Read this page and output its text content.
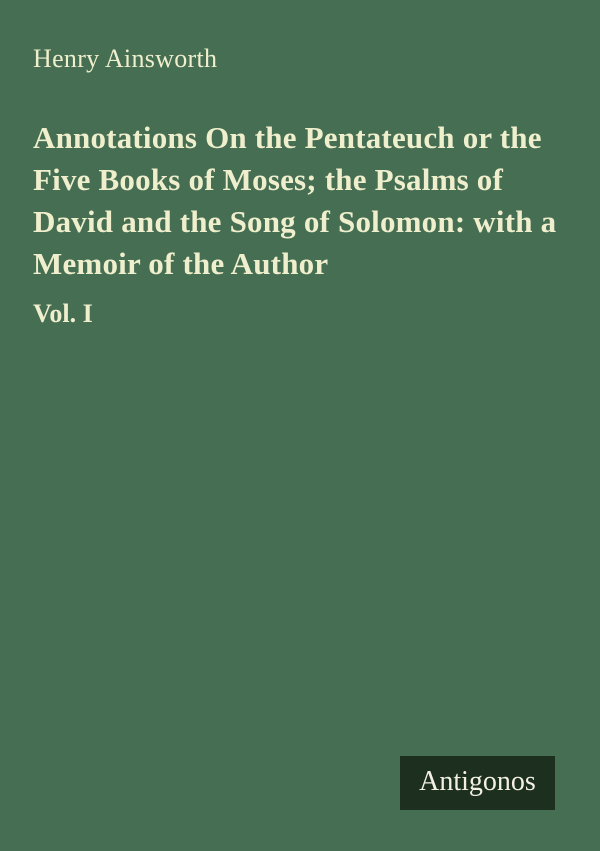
Henry Ainsworth
Annotations On the Pentateuch or the
Five Books of Moses; the Psalms of
David and the Song of Solomon: with a
Memoir of the Author
Vol. I
Antigonos
